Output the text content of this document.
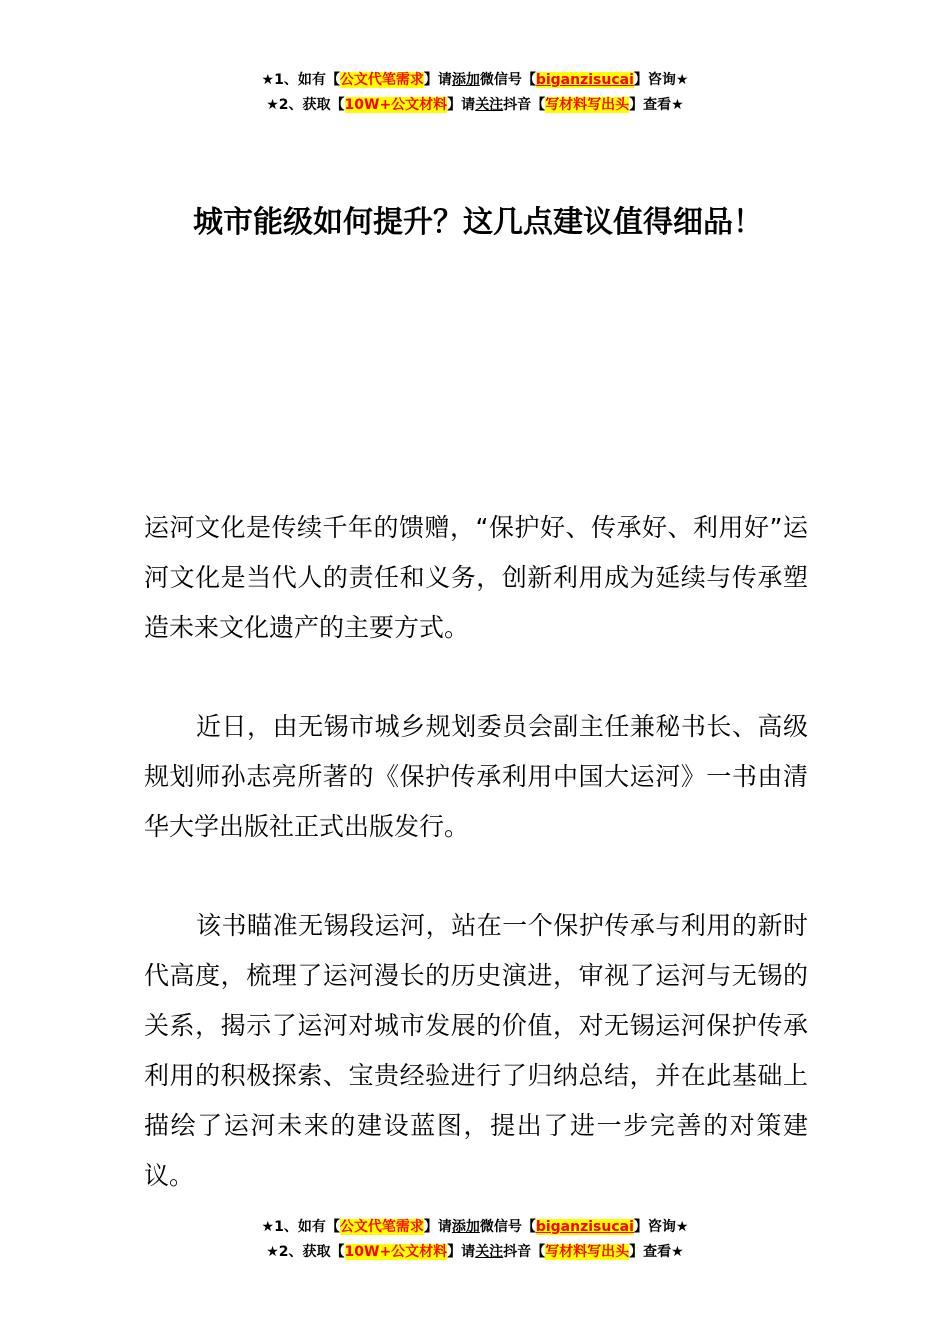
★1、如有【公文代笔需求】请添加微信号【biganzisucai】咨询★
★2、获取【10W+公文材料】请关注抖音【写材料写出头】查看★
城市能级如何提升？这几点建议值得细品！

运河文化是传续千年的馈赠，“保护好、传承好、利用好”运河文化是当代人的责任和义务，创新利用成为延续与传承塑造未来文化遗产的主要方式。

近日，由无锡市城乡规划委员会副主任兼秘书长、高级规划师孙志亮所著的《保护传承利用中国大运河》一书由清华大学出版社正式出版发行。

该书瞄准无锡段运河，站在一个保护传承与利用的新时代高度，梳理了运河漫长的历史演进，审视了运河与无锡的关系，揭示了运河对城市发展的价值，对无锡运河保护传承利用的积极探索、宝贵经验进行了归纳总结，并在此基础上描绘了运河未来的建设蓝图，提出了进一步完善的对策建议。

★1、如有【公文代笔需求】请添加微信号【biganzisucai】咨询★
★2、获取【10W+公文材料】请关注抖音【写材料写出头】查看★
